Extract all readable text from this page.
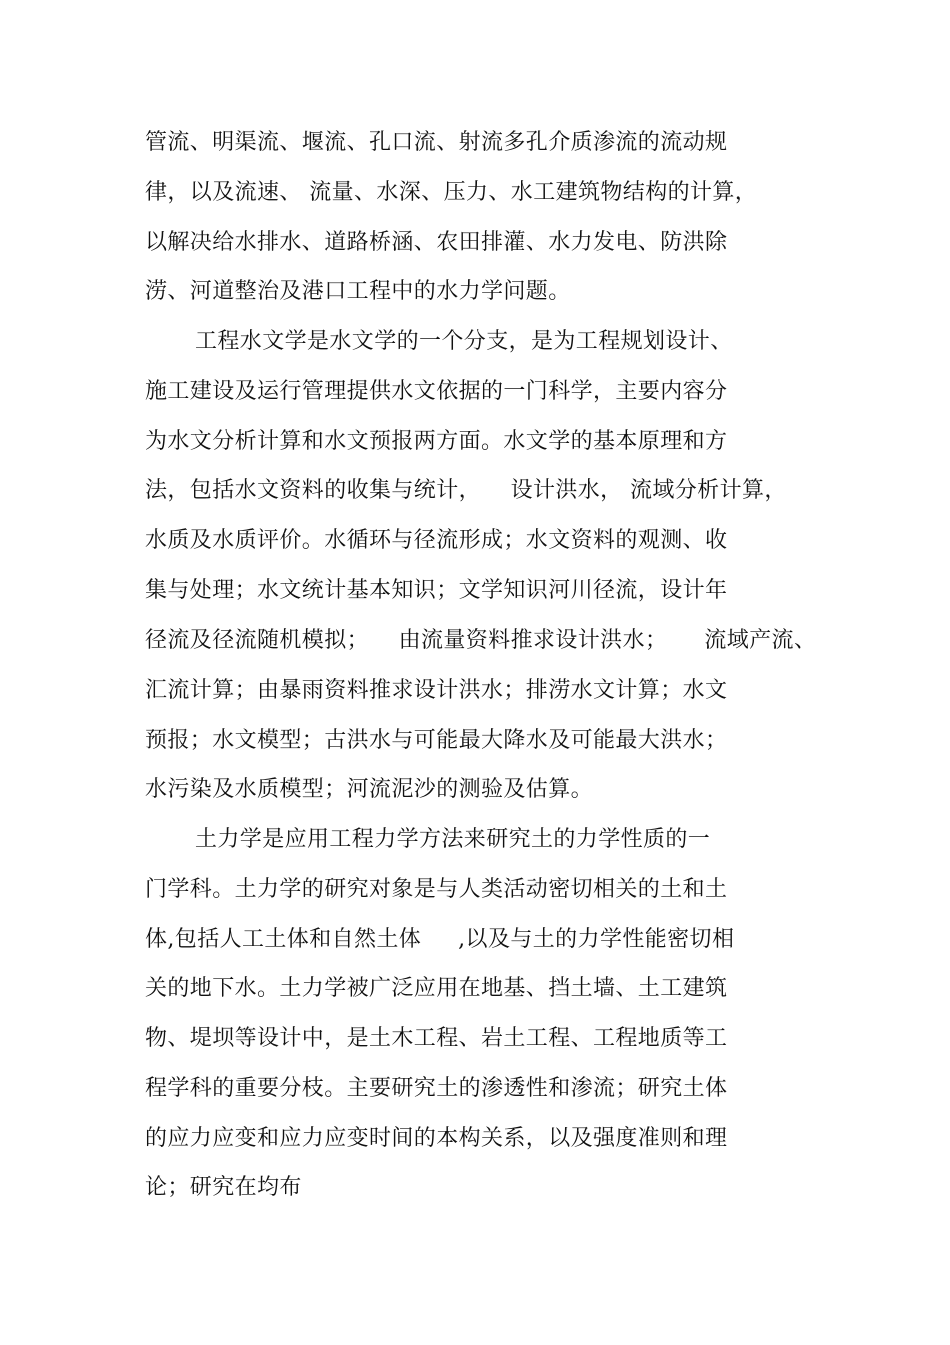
管流、明渠流、堰流、孔口流、射流多孔介质渗流的流动规
律，以及流速、 流量、水深、压力、水工建筑物结构的计算，
以解决给水排水、道路桥涵、农田排灌、水力发电、防洪除
涝、河道整治及港口工程中的水力学问题。
工程水文学是水文学的一个分支，是为工程规划设计、
施工建设及运行管理提供水文依据的一门科学，主要内容分
为水文分析计算和水文预报两方面。水文学的基本原理和方
法，包括水文资料的收集与统计，    设计洪水， 流域分析计算，
水质及水质评价。水循环与径流形成；水文资料的观测、收
集与处理；水文统计基本知识；文学知识河川径流，设计年
径流及径流随机模拟；    由流量资料推求设计洪水；     流域产流、
汇流计算；由暴雨资料推求设计洪水；排涝水文计算；水文
预报；水文模型；古洪水与可能最大降水及可能最大洪水；
水污染及水质模型；河流泥沙的测验及估算。
土力学是应用工程力学方法来研究土的力学性质的一
门学科。土力学的研究对象是与人类活动密切相关的土和土
体,包括人工土体和自然土体     ,以及与土的力学性能密切相
关的地下水。土力学被广泛应用在地基、挡土墙、土工建筑
物、堤坝等设计中，是土木工程、岩土工程、工程地质等工
程学科的重要分枝。主要研究土的渗透性和渗流；研究土体
的应力应变和应力应变时间的本构关系，以及强度准则和理
论；研究在均布
